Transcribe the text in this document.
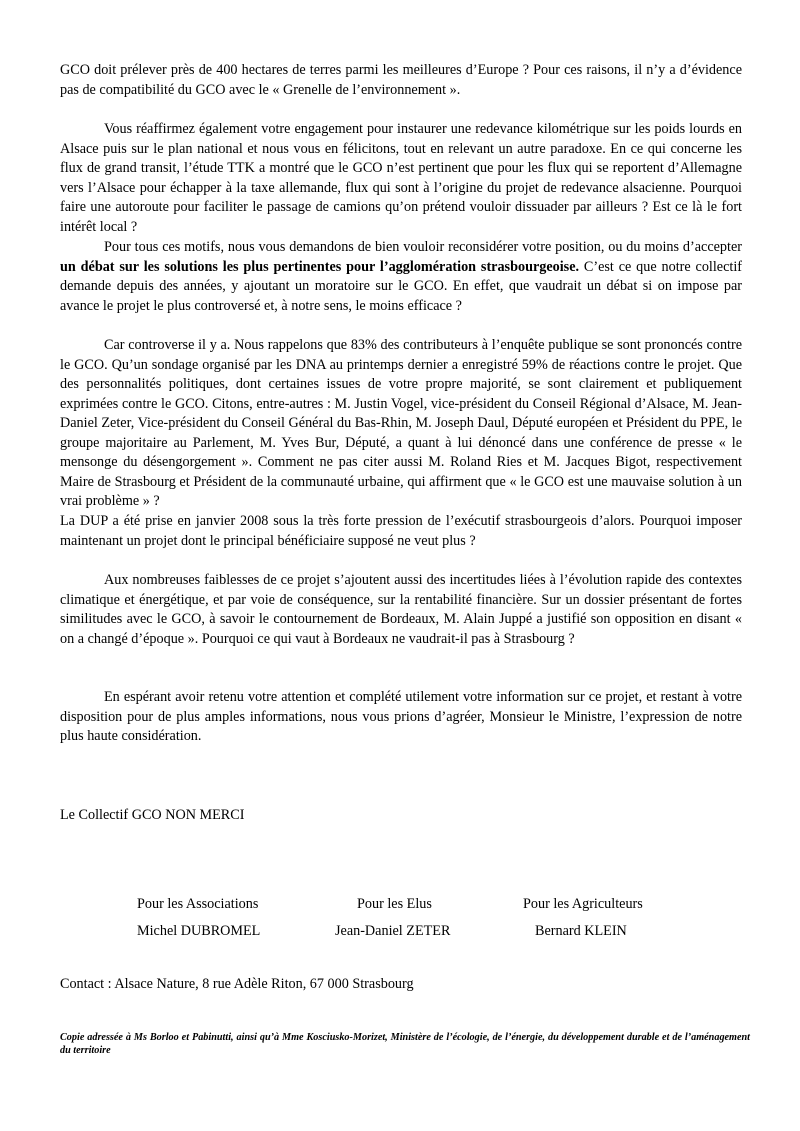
GCO doit prélever près de 400 hectares de terres parmi les meilleures d’Europe ? Pour ces raisons, il n’y a d’évidence pas de compatibilité du GCO avec le « Grenelle de l’environnement ».

Vous réaffirmez également votre engagement pour instaurer une redevance kilométrique sur les poids lourds en Alsace puis sur le plan national et nous vous en félicitons, tout en relevant un autre paradoxe. En ce qui concerne les flux de grand transit, l’étude TTK a montré que le GCO n’est pertinent que pour les flux qui se reportent d’Allemagne vers l’Alsace pour échapper à la taxe allemande, flux qui sont à l’origine du projet de redevance alsacienne. Pourquoi faire une autoroute pour faciliter le passage de camions qu’on prétend vouloir dissuader par ailleurs ? Est ce là le fort intérêt local ?

Pour tous ces motifs, nous vous demandons de bien vouloir reconsidérer votre position, ou du moins d’accepter un débat sur les solutions les plus pertinentes pour l’agglomération strasbourgeoise. C’est ce que notre collectif demande depuis des années, y ajoutant un moratoire sur le GCO. En effet, que vaudrait un débat si on impose par avance le projet le plus controversé et, à notre sens, le moins efficace ?

Car controverse il y a. Nous rappelons que 83% des contributeurs à l’enquête publique se sont prononcés contre le GCO. Qu’un sondage organisé par les DNA au printemps dernier a enregistré 59% de réactions contre le projet. Que des personnalités politiques, dont certaines issues de votre propre majorité, se sont clairement et publiquement exprimées contre le GCO. Citons, entre-autres : M. Justin Vogel, vice-président du Conseil Régional d’Alsace, M. Jean-Daniel Zeter, Vice-président du Conseil Général du Bas-Rhin, M. Joseph Daul, Député européen et Président du PPE, le groupe majoritaire au Parlement, M. Yves Bur, Député, a quant à lui dénoncé dans une conférence de presse « le mensonge du désengorgement ». Comment ne pas citer aussi M. Roland Ries et M. Jacques Bigot, respectivement Maire de Strasbourg et Président de la communauté urbaine, qui affirment que « le GCO est une mauvaise solution à un vrai problème » ?

La DUP a été prise en janvier 2008 sous la très forte pression de l’exécutif strasbourgeois d’alors. Pourquoi imposer maintenant un projet dont le principal bénéficiaire supposé ne veut plus ?

Aux nombreuses faiblesses de ce projet s’ajoutent aussi des incertitudes liées à l’évolution rapide des contextes climatique et énergétique, et par voie de conséquence, sur la rentabilité financière. Sur un dossier présentant de fortes similitudes avec le GCO, à savoir le contournement de Bordeaux, M. Alain Juppé a justifié son opposition en disant « on a changé d’époque ». Pourquoi ce qui vaut à Bordeaux ne vaudrait-il pas à Strasbourg ?

En espérant avoir retenu votre attention et complété utilement votre information sur ce projet, et restant à votre disposition pour de plus amples informations, nous vous prions d’agréer, Monsieur le Ministre, l’expression de notre plus haute considération.

Le Collectif GCO NON MERCI
Pour les Associations
Michel DUBROMEL
Pour les Elus
Jean-Daniel ZETER
Pour les Agriculteurs
Bernard KLEIN
Contact : Alsace Nature, 8 rue Adèle Riton, 67 000 Strasbourg

Copie adressée à Ms Borloo et Pabinutti, ainsi qu’à Mme Kosciusko-Morizet, Ministère de l’écologie, de l’énergie, du développement durable et de l’aménagement du territoire
